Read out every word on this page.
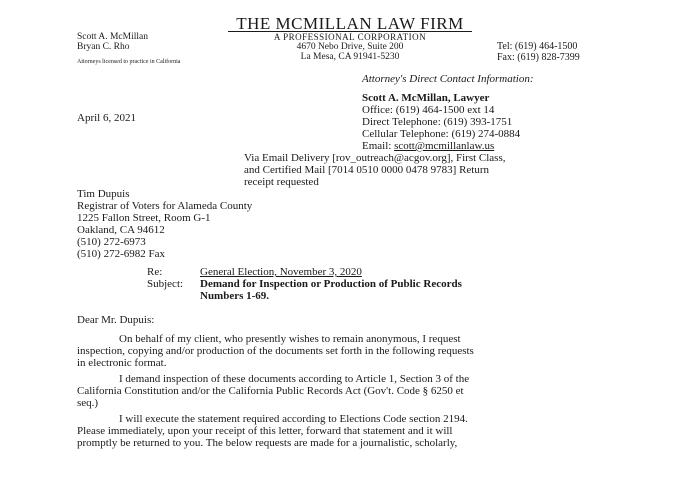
THE MCMILLAN LAW FIRM
A PROFESSIONAL CORPORATION
4670 Nebo Drive, Suite 200
La Mesa, CA 91941-5230
Scott A. McMillan
Bryan C. Rho
Attorneys licensed to practice in California
Tel: (619) 464-1500
Fax: (619) 828-7399
Attorney's Direct Contact Information:
Scott A. McMillan, Lawyer
Office: (619) 464-1500 ext 14
Direct Telephone: (619) 393-1751
Cellular Telephone: (619) 274-0884
Email: scott@mcmillanlaw.us
April 6, 2021
Via Email Delivery [rov_outreach@acgov.org], First Class,
and Certified Mail [7014 0510 0000 0478 9783] Return
receipt requested
Tim Dupuis
Registrar of Voters for Alameda County
1225 Fallon Street, Room G-1
Oakland, CA 94612
(510) 272-6973
(510) 272-6982 Fax
Re:	General Election, November 3, 2020
Subject: Demand for Inspection or Production of Public Records
Numbers 1-69.
Dear Mr. Dupuis:
On behalf of my client, who presently wishes to remain anonymous, I request
inspection, copying and/or production of the documents set forth in the following requests
in electronic format.
I demand inspection of these documents according to Article 1, Section 3 of the
California Constitution and/or the California Public Records Act (Gov't. Code § 6250 et
seq.)
I will execute the statement required according to Elections Code section 2194.
Please immediately, upon your receipt of this letter, forward that statement and it will
promptly be returned to you. The below requests are made for a journalistic, scholarly,
